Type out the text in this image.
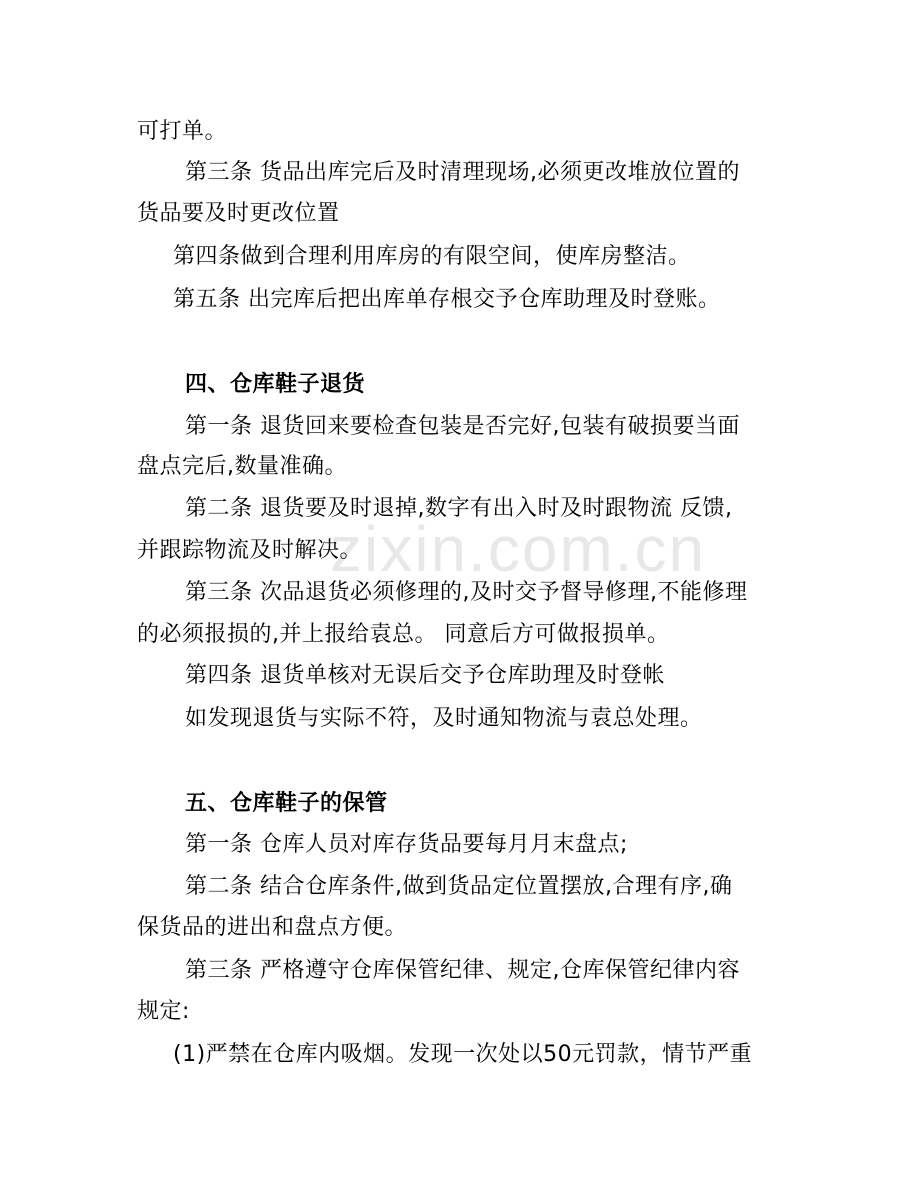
zixin.com.cn
可打单。
第三条 货品出库完后及时清理现场,必须更改堆放位置的
货品要及时更改位置
第四条做到合理利用库房的有限空间，使库房整洁。
第五条 出完库后把出库单存根交予仓库助理及时登账。
四、仓库鞋子退货
第一条 退货回来要检查包装是否完好,包装有破损要当面
盘点完后,数量准确。
第二条 退货要及时退掉,数字有出入时及时跟物流 反馈,
并跟踪物流及时解决。
第三条 次品退货必须修理的,及时交予督导修理,不能修理
的必须报损的,并上报给袁总。 同意后方可做报损单。
第四条 退货单核对无误后交予仓库助理及时登帐
如发现退货与实际不符，及时通知物流与袁总处理。
五、仓库鞋子的保管
第一条 仓库人员对库存货品要每月月末盘点;
第二条 结合仓库条件,做到货品定位置摆放,合理有序,确
保货品的进出和盘点方便。
第三条 严格遵守仓库保管纪律、规定,仓库保管纪律内容
规定:
(1)严禁在仓库内吸烟。发现一次处以50元罚款，情节严重
